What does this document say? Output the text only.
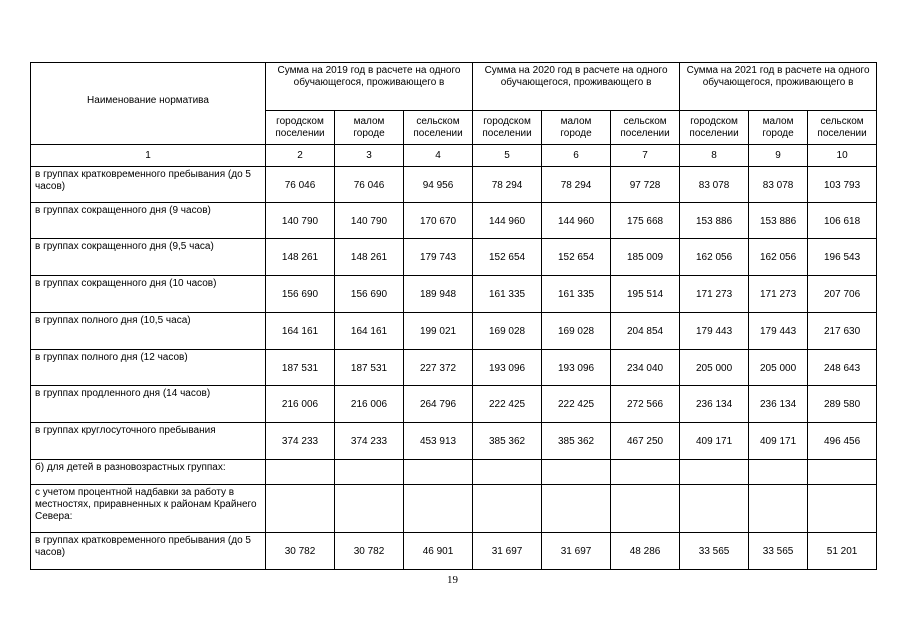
Наименование норматива	Сумма на 2019 год в расчете на одного обучающегося, проживающего в			Сумма на 2020 год в расчете на одного обучающегося, проживающего в			Сумма на 2021 год в расчете на одного обучающегося, проживающего в		
	городском поселении	малом городе	сельском поселении	городском поселении	малом городе	сельском поселении	городском поселении	малом городе	сельском поселении
1	2	3	4	5	6	7	8	9	10
в группах кратковременного пребывания (до 5 часов)	76 046	76 046	94 956	78 294	78 294	97 728	83 078	83 078	103 793
в группах сокращенного дня (9 часов)	140 790	140 790	170 670	144 960	144 960	175 668	153 886	153 886	106 618
в группах сокращенного дня (9,5 часа)	148 261	148 261	179 743	152 654	152 654	185 009	162 056	162 056	196 543
в группах сокращенного дня (10 часов)	156 690	156 690	189 948	161 335	161 335	195 514	171 273	171 273	207 706
в группах полного дня (10,5 часа)	164 161	164 161	199 021	169 028	169 028	204 854	179 443	179 443	217 630
в группах полного дня (12 часов)	187 531	187 531	227 372	193 096	193 096	234 040	205 000	205 000	248 643
в группах продленного дня (14 часов)	216 006	216 006	264 796	222 425	222 425	272 566	236 134	236 134	289 580
в группах круглосуточного пребывания	374 233	374 233	453 913	385 362	385 362	467 250	409 171	409 171	496 456
б) для детей в разновозрастных группах:									
с учетом процентной надбавки за работу в местностях, приравненных к районам Крайнего Севера:									
в группах кратковременного пребывания (до 5 часов)	30 782	30 782	46 901	31 697	31 697	48 286	33 565	33 565	51 201
19
